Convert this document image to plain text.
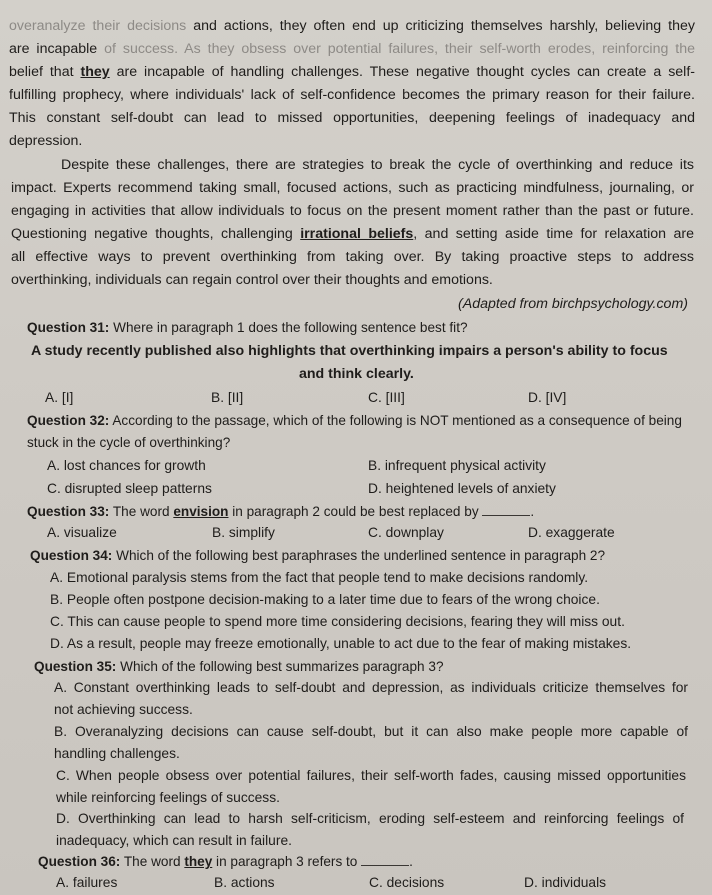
overanalyze their decisions and actions, they often end up criticizing themselves harshly, believing they
are incapable of success. As they obsess over potential failures, their self-worth erodes, reinforcing the
belief that they are incapable of handling challenges. These negative thought cycles can create a self-
fulfilling prophecy, where individuals' lack of self-confidence becomes the primary reason for their failure.
This constant self-doubt can lead to missed opportunities, deepening feelings of inadequacy and
depression.
Despite these challenges, there are strategies to break the cycle of overthinking and reduce its
impact. Experts recommend taking small, focused actions, such as practicing mindfulness, journaling, or
engaging in activities that allow individuals to focus on the present moment rather than the past or future.
Questioning negative thoughts, challenging irrational beliefs, and setting aside time for relaxation are
all effective ways to prevent overthinking from taking over. By taking proactive steps to address
overthinking, individuals can regain control over their thoughts and emotions.
(Adapted from birchpsychology.com)
Question 31: Where in paragraph 1 does the following sentence best fit?
A study recently published also highlights that overthinking impairs a person's ability to focus
and think clearly.
A. [I]	B. [II]	C. [III]	D. [IV]
Question 32: According to the passage, which of the following is NOT mentioned as a consequence of being
stuck in the cycle of overthinking?
A. lost chances for growth	B. infrequent physical activity
C. disrupted sleep patterns	D. heightened levels of anxiety
Question 33: The word envision in paragraph 2 could be best replaced by	.
A. visualize	B. simplify	C. downplay	D. exaggerate
Question 34: Which of the following best paraphrases the underlined sentence in paragraph 2?
A. Emotional paralysis stems from the fact that people tend to make decisions randomly.
B. People often postpone decision-making to a later time due to fears of the wrong choice.
C. This can cause people to spend more time considering decisions, fearing they will miss out.
D. As a result, people may freeze emotionally, unable to act due to the fear of making mistakes.
Question 35: Which of the following best summarizes paragraph 3?
A. Constant overthinking leads to self-doubt and depression, as individuals criticize themselves for
not achieving success.
B. Overanalyzing decisions can cause self-doubt, but it can also make people more capable of
handling challenges.
C. When people obsess over potential failures, their self-worth fades, causing missed opportunities
while reinforcing feelings of success.
D. Overthinking can lead to harsh self-criticism, eroding self-esteem and reinforcing feelings of
inadequacy, which can result in failure.
Question 36: The word they in paragraph 3 refers to	.
A. failures	B. actions	C. decisions	D. individuals
